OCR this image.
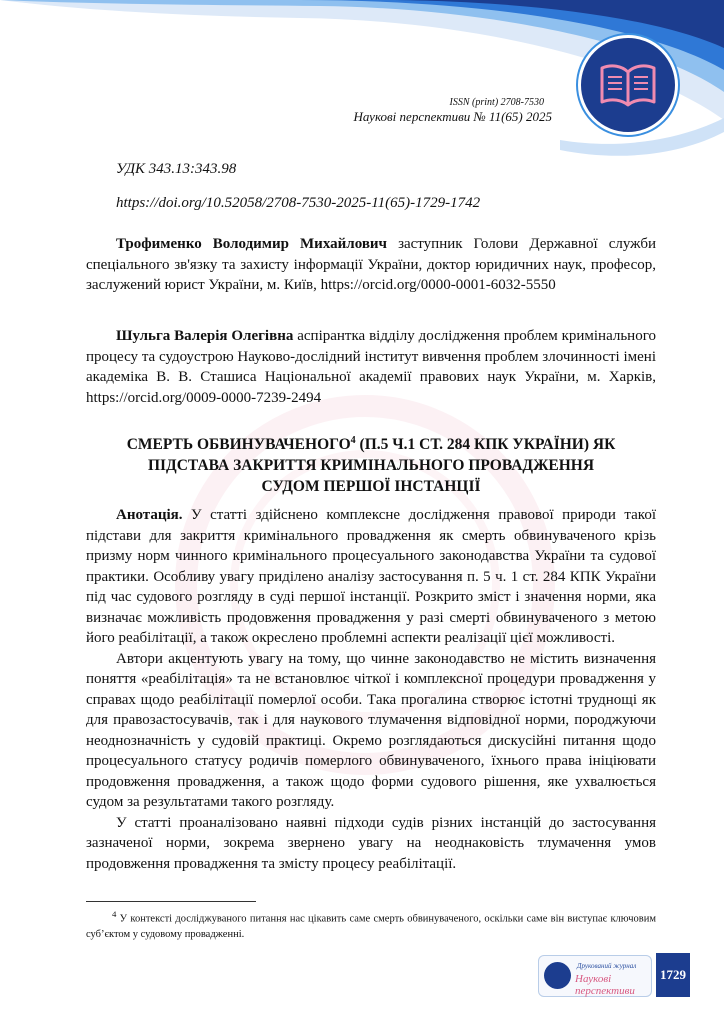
ISSN (print) 2708-7530
Наукові перспективи № 11(65) 2025
УДК 343.13:343.98
https://doi.org/10.52058/2708-7530-2025-11(65)-1729-1742
Трофименко Володимир Михайлович заступник Голови Державної служби спеціального зв'язку та захисту інформації України, доктор юридичних наук, професор, заслужений юрист України, м. Київ, https://orcid.org/0000-0001-6032-5550
Шульга Валерія Олегівна аспірантка відділу дослідження проблем кримінального процесу та судоустрою Науково-дослідний інститут вивчення проблем злочинності імені академіка В. В. Сташиса Національної академії правових наук України, м. Харків, https://orcid.org/0009-0000-7239-2494
СМЕРТЬ ОБВИНУВАЧЕНОГО$^4$ (П.5 Ч.1 СТ. 284 КПК УКРАЇНИ) ЯК
ПІДСТАВА ЗАКРИТТЯ КРИМІНАЛЬНОГО ПРОВАДЖЕННЯ
СУДОМ ПЕРШОЇ ІНСТАНЦІЇ

Анотація. У статті здійснено комплексне дослідження правової природи такої підстави для закриття кримінального провадження як смерть обвинуваченого крізь призму норм чинного кримінального процесуального законодавства України та судової практики. Особливу увагу приділено аналізу застосування п. 5 ч. 1 ст. 284 КПК України під час судового розгляду в суді першої інстанції. Розкрито зміст і значення норми, яка визначає можливість продовження провадження у разі смерті обвинуваченого з метою його реабілітації, а також окреслено проблемні аспекти реалізації цієї можливості.

Автори акцентують увагу на тому, що чинне законодавство не містить визначення поняття «реабілітація» та не встановлює чіткої і комплексної процедури провадження у справах щодо реабілітації померлої особи. Така прогалина створює істотні труднощі як для правозастосувачів, так і для наукового тлумачення відповідної норми, породжуючи неоднозначність у судовій практиці. Окремо розглядаються дискусійні питання щодо процесуального статусу родичів померлого обвинуваченого, їхнього права ініціювати продовження провадження, а також щодо форми судового рішення, яке ухвалюється судом за результатами такого розгляду.

У статті проаналізовано наявні підходи судів різних інстанцій до застосування зазначеної норми, зокрема звернено увагу на неоднаковість тлумачення умов продовження провадження та змісту процесу реабілітації.

$^4$ У контексті досліджуваного питання нас цікавить саме смерть обвинуваченого, оскільки саме він виступає ключовим суб’єктом у судовому провадженні.
Друкований журнал
Наукові перспективи
1729
